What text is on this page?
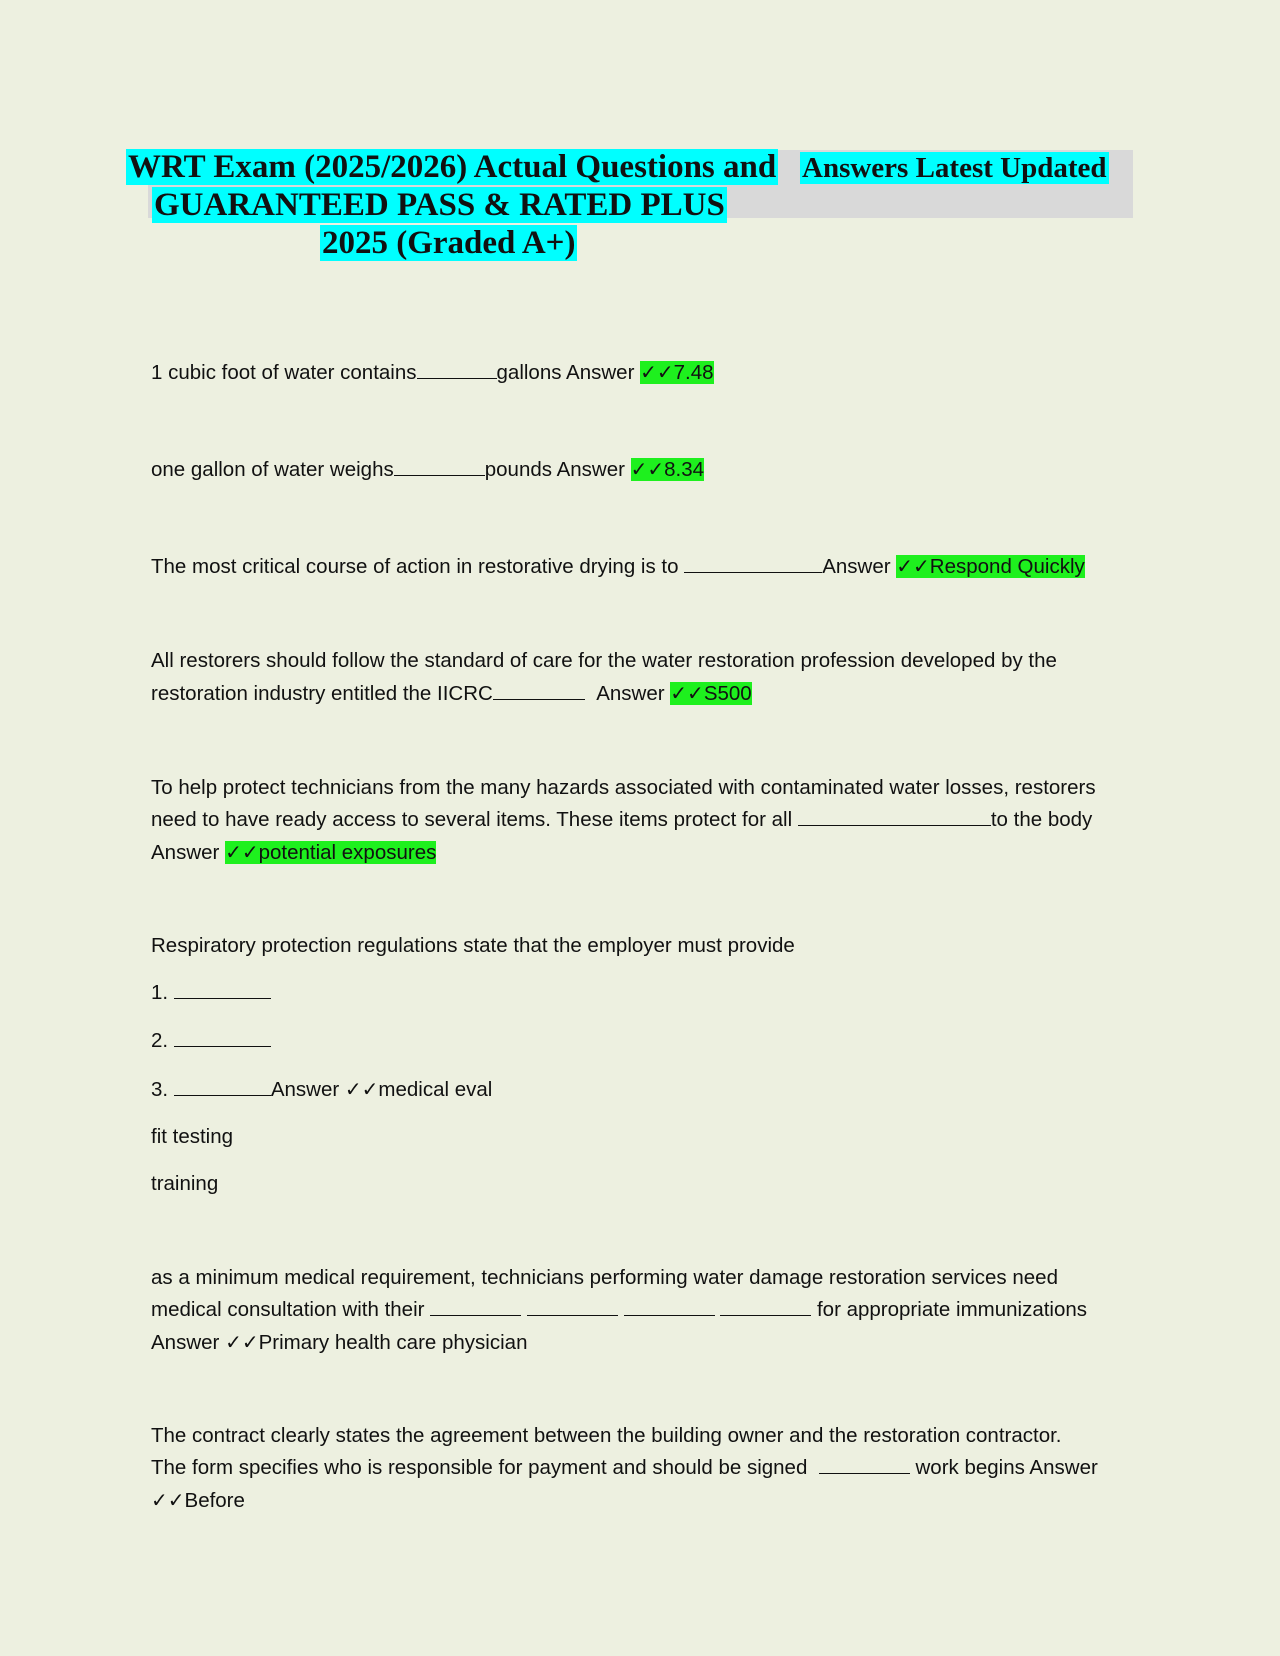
WRT Exam (2025/2026) Actual Questions and Answers Latest Updated
GUARANTEED PASS & RATED PLUS
2025 (Graded A+)
1 cubic foot of water contains	gallons Answer ✓✓7.48
one gallon of water weighs	pounds Answer ✓✓8.34
The most critical course of action in restorative drying is to	Answer ✓✓Respond Quickly
All restorers should follow the standard of care for the water restoration profession developed by the
restoration industry entitled the IICRC	Answer ✓✓S500
To help protect technicians from the many hazards associated with contaminated water losses, restorers
need to have ready access to several items. These items protect for all	to the body
Answer ✓✓potential exposures
Respiratory protection regulations state that the employer must provide
1.
2.
3.	Answer ✓✓medical eval
fit testing
training
as a minimum medical requirement, technicians performing water damage restoration services need
medical consultation with their	for appropriate immunizations
Answer ✓✓Primary health care physician
The contract clearly states the agreement between the building owner and the restoration contractor.
The form specifies who is responsible for payment and should be signed	work begins Answer
✓✓Before
